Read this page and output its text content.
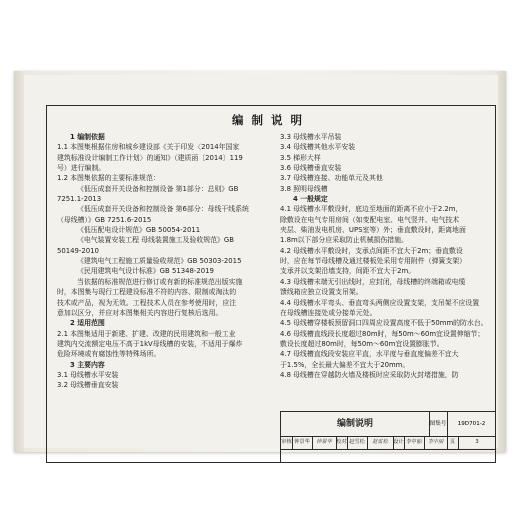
编制说明
1 编制依据
1.1 本图集根据住房和城乡建设部《关于印发〈2014年国家
建筑标准设计编制工作计划〉的通知》（建质函〔2014〕119
号）进行编制。
1.2 本图集依据的主要标准规范：
《低压成套开关设备和控制设备 第1部分：总则》GB
7251.1-2013
《低压成套开关设备和控制设备 第6部分：母线干线系统
（母线槽）》GB 7251.6-2015
《低压配电设计规范》GB 50054-2011
《电气装置安装工程 母线装置施工及验收规范》GB
50149-2010
《建筑电气工程施工质量验收规范》GB 50303-2015
《民用建筑电气设计标准》GB 51348-2019
当依据的标准规范进行修订或有新的标准规范出版实施
时，本图集与现行工程建设标准不符的内容、限制或淘汰的
技术或产品，视为无效。工程技术人员在参考使用时，应注
意加以区分，并应对本图集相关内容进行复核后选用。
2 适用范围
2.1 本图集适用于新建、扩建、改建的民用建筑和一般工业
建筑内交流额定电压不高于1kV母线槽的安装，不适用于爆炸
危险环境或有腐蚀性等特殊场所。
3 主要内容
3.1 母线槽水平安装
3.2 母线槽垂直安装
3.3 母线槽水平吊装
3.4 母线槽其他水平安装
3.5 梯形大样
3.6 母线槽垂直安装
3.7 母线槽连接、功能单元及其他
3.8 照明母线槽
4 一般规定
4.1 母线槽水平敷设时，底边至地面的距离不应小于2.2m，
除敷设在电气专用房间（如变配电室、电气竖井、电气技术
夹层、柴油发电机房、UPS室等）外；垂直敷设时，距离地面
1.8m以下部分应采取防止机械损伤措施。
4.2 母线槽水平敷设时，支承点间距不宜大于2m；垂直敷设
时，应在每节母线槽及通过楼板处采用专用附件（弹簧支架）
支承并以支架沿墙支持，间距不宜大于2m。
4.3 母线槽末端无引出线时，应封闭，母线槽的终端箱或电缆
馈线箱应独立设置支吊架。
4.4 母线槽水平弯头、垂直弯头两侧应设置支架，支吊架不应设置
在母线槽连接处或分接单元处。
4.5 母线槽穿楼板预留洞口四周应设置高度不低于50mm的防水台。
4.6 母线槽直线段长度超过80m时，每50m～60m宜设置伸缩节；
敷设长度超过80m时，每50m～60m宜设置膨胀节。
4.7 母线槽直线段安装应平直，水平度与垂直度偏差不宜大
于1.5%，全长最大偏差不宜大于20mm。
4.8 母线槽在穿越防火墙及楼板时应采取防火封堵措施，防
编制说明	图集号	19D701-2
审核 钟景华	钟景华 校对 赵雪松	赵雪松	设计 李中丽	李中丽	页	3
